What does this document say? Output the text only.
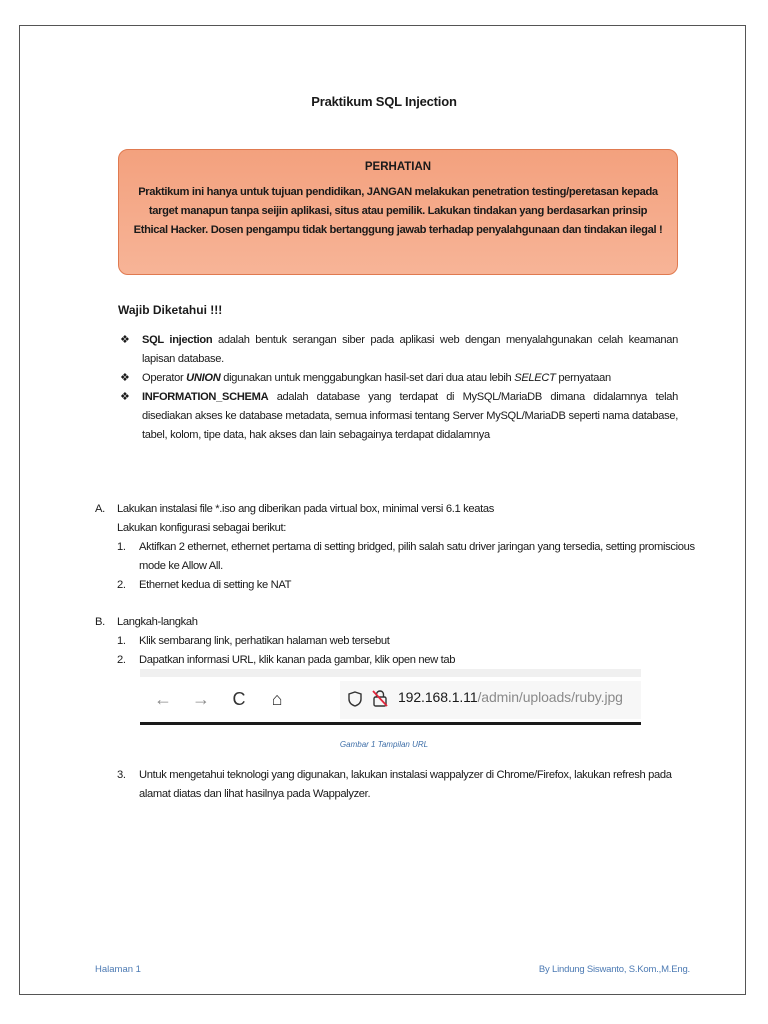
Praktikum SQL Injection
PERHATIAN
Praktikum ini hanya untuk tujuan pendidikan, JANGAN melakukan penetration testing/peretasan kepada target manapun tanpa seijin aplikasi, situs atau pemilik. Lakukan tindakan yang berdasarkan prinsip Ethical Hacker. Dosen pengampu tidak bertanggung jawab terhadap penyalahgunaan dan tindakan ilegal !
Wajib Diketahui !!!
❖	SQL injection adalah bentuk serangan siber pada aplikasi web dengan menyalahgunakan celah keamanan lapisan database.
❖	Operator UNION digunakan untuk menggabungkan hasil-set dari dua atau lebih SELECT pernyataan
❖	INFORMATION_SCHEMA adalah database yang terdapat di MySQL/MariaDB dimana didalamnya telah disediakan akses ke database metadata, semua informasi tentang Server MySQL/MariaDB seperti nama database, tabel, kolom, tipe data, hak akses dan lain sebagainya terdapat didalamnya
A.	Lakukan instalasi file *.iso ang diberikan pada virtual box, minimal versi 6.1 keatas
Lakukan konfigurasi sebagai berikut:
1.	Aktifkan 2 ethernet, ethernet pertama di setting bridged, pilih salah satu driver jaringan yang tersedia, setting promiscious mode ke Allow All.
2.	Ethernet kedua di setting ke NAT
B.	Langkah-langkah
1.	Klik sembarang link, perhatikan halaman web tersebut
2.	Dapatkan informasi URL, klik kanan pada gambar, klik open new tab
← → C	⌂	192.168.1.11/admin/uploads/ruby.jpg
Gambar 1 Tampilan URL
3.	Untuk mengetahui teknologi yang digunakan, lakukan instalasi wappalyzer di Chrome/Firefox, lakukan refresh pada alamat diatas dan lihat hasilnya pada Wappalyzer.
Halaman 1	By Lindung Siswanto, S.Kom.,M.Eng.
